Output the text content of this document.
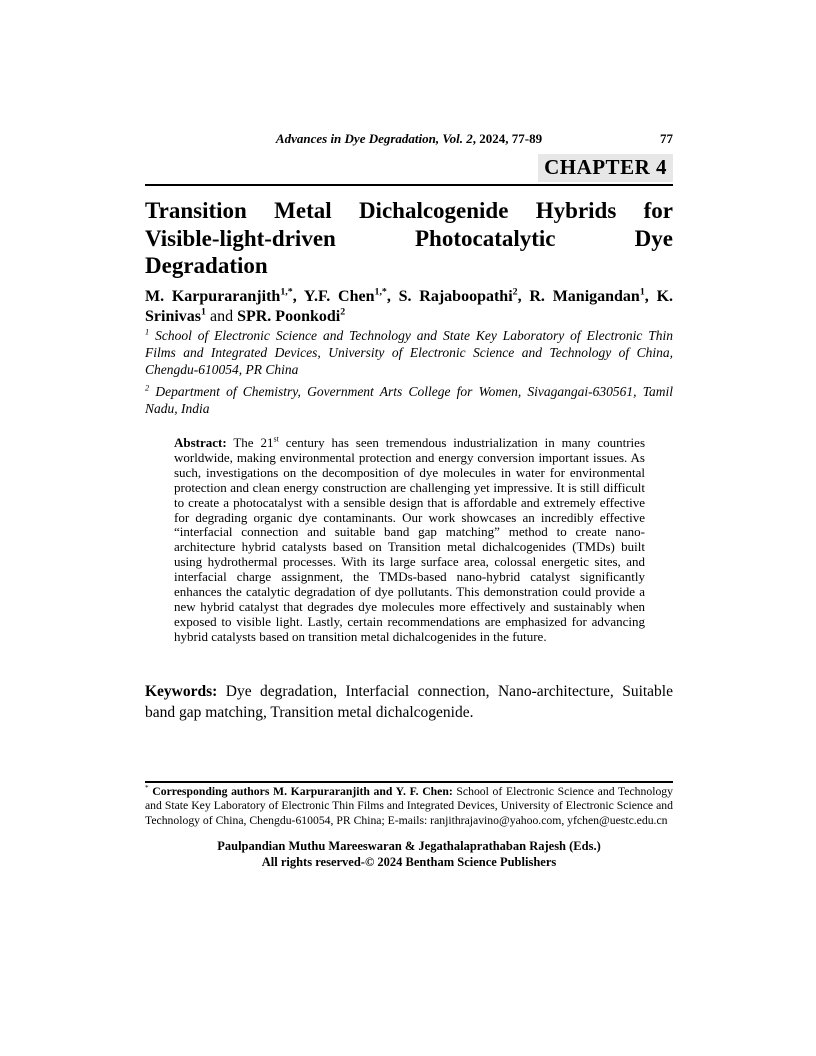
Advances in Dye Degradation, Vol. 2, 2024, 77-89	77
CHAPTER 4
Transition Metal Dichalcogenide Hybrids for
Visible-light-driven Photocatalytic Dye
Degradation
M. Karpuraranjith$^{1,*}$, Y.F. Chen$^{1,*}$, S. Rajaboopathi$^2$, R. Manigandan$^1$, K.
Srinivas$^1$ and SPR. Poonkodi$^2$

$^1$ School of Electronic Science and Technology and State Key Laboratory of Electronic Thin Films and Integrated Devices, University of Electronic Science and Technology of China, Chengdu-610054, PR China

$^2$ Department of Chemistry, Government Arts College for Women, Sivagangai-630561, Tamil Nadu, India

Abstract: The 21st century has seen tremendous industrialization in many countries worldwide, making environmental protection and energy conversion important issues. As such, investigations on the decomposition of dye molecules in water for environmental protection and clean energy construction are challenging yet impressive. It is still difficult to create a photocatalyst with a sensible design that is affordable and extremely effective for degrading organic dye contaminants. Our work showcases an incredibly effective “interfacial connection and suitable band gap matching” method to create nano-architecture hybrid catalysts based on Transition metal dichalcogenides (TMDs) built using hydrothermal processes. With its large surface area, colossal energetic sites, and interfacial charge assignment, the TMDs-based nano-hybrid catalyst significantly enhances the catalytic degradation of dye pollutants. This demonstration could provide a new hybrid catalyst that degrades dye molecules more effectively and sustainably when exposed to visible light. Lastly, certain recommendations are emphasized for advancing hybrid catalysts based on transition metal dichalcogenides in the future.
Keywords: Dye degradation, Interfacial connection, Nano-architecture, Suitable band gap matching, Transition metal dichalcogenide.
* Corresponding authors M. Karpuraranjith and Y. F. Chen: School of Electronic Science and Technology and State Key Laboratory of Electronic Thin Films and Integrated Devices, University of Electronic Science and Technology of China, Chengdu-610054, PR China; E-mails: ranjithrajavino@yahoo.com, yfchen@uestc.edu.cn
Paulpandian Muthu Mareeswaran & Jegathalaprathaban Rajesh (Eds.)
All rights reserved-© 2024 Bentham Science Publishers
